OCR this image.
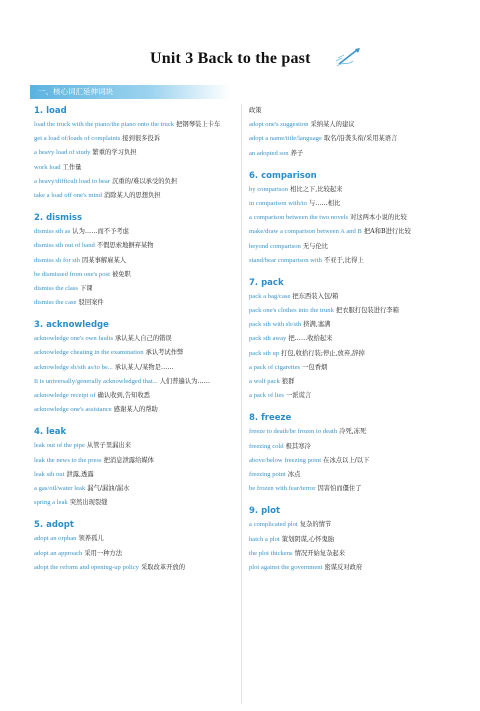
Unit 3 Back to the past
一、核心词汇延伸词块
1. load
load the truck with the piano/the piano onto the truck 把钢琴装上卡车
get a load of/loads of complaints 接到很多投诉
a heavy load of study 繁重的学习负担
work load 工作量
a heavy/difficult load to bear 沉重的/难以承受的负担
take a load off one's mind 消除某人的思想负担
2. dismiss
dismiss sth as 认为……而不予考虑
dismiss sth out of hand 不假思索地摒弃某物
dismiss sb for sth 因某事解雇某人
be dismissed from one's post 被免职
dismiss the class 下课
dismiss the case 驳回案件
3. acknowledge
acknowledge one's own faults 承认某人自己的错误
acknowledge cheating in the examination 承认考试作弊
acknowledge sb/sth as/to be... 承认某人/某物是……
It is universally/generally acknowledged that... 人们普遍认为……
acknowledge receipt of 确认收到,告知收悉
acknowledge one's assistance 感谢某人的帮助
4. leak
leak out of the pipe 从管子里漏出来
leak the news to the press 把消息泄露给媒体
leak sth out 泄露,透露
a gas/oil/water leak 漏气/漏油/漏水
spring a leak 突然出现裂缝
5. adopt
adopt an orphan 领养孤儿
adopt an approach 采用一种方法
adopt the reform and opening-up policy 采取改革开放的
政策
adopt one's suggestion 采纳某人的建议
adopt a name/title/language 取名/沿袭头衔/采用某语言
an adopted son 养子
6. comparison
by comparison 相比之下,比较起来
in comparison with/to 与……相比
a comparison between the two novels 对这两本小说的比较
make/draw a comparison between A and B 把A和B进行比较
beyond comparison 无与伦比
stand/bear comparison with 不亚于,比得上
7. pack
pack a bag/case 把东西装入包/箱
pack one's clothes into the trunk 把衣服打包装进行李箱
pack sth with sb/sth 挤满,塞满
pack sth away 把……收拾起来
pack sth up 打包,收拾行装;停止,放弃,辞掉
a pack of cigarettes 一包香烟
a wolf pack 狼群
a pack of lies 一派谎言
8. freeze
freeze to death/be frozen to death 冷死,冻死
freezing cold 极其寒冷
above/below freezing point 在冰点以上/以下
freezing point 冰点
be frozen with fear/terror 因害怕而僵住了
9. plot
a complicated plot 复杂的情节
hatch a plot 策划阴谋,心怀鬼胎
the plot thickens 情况开始复杂起来
plot against the government 密谋反对政府
